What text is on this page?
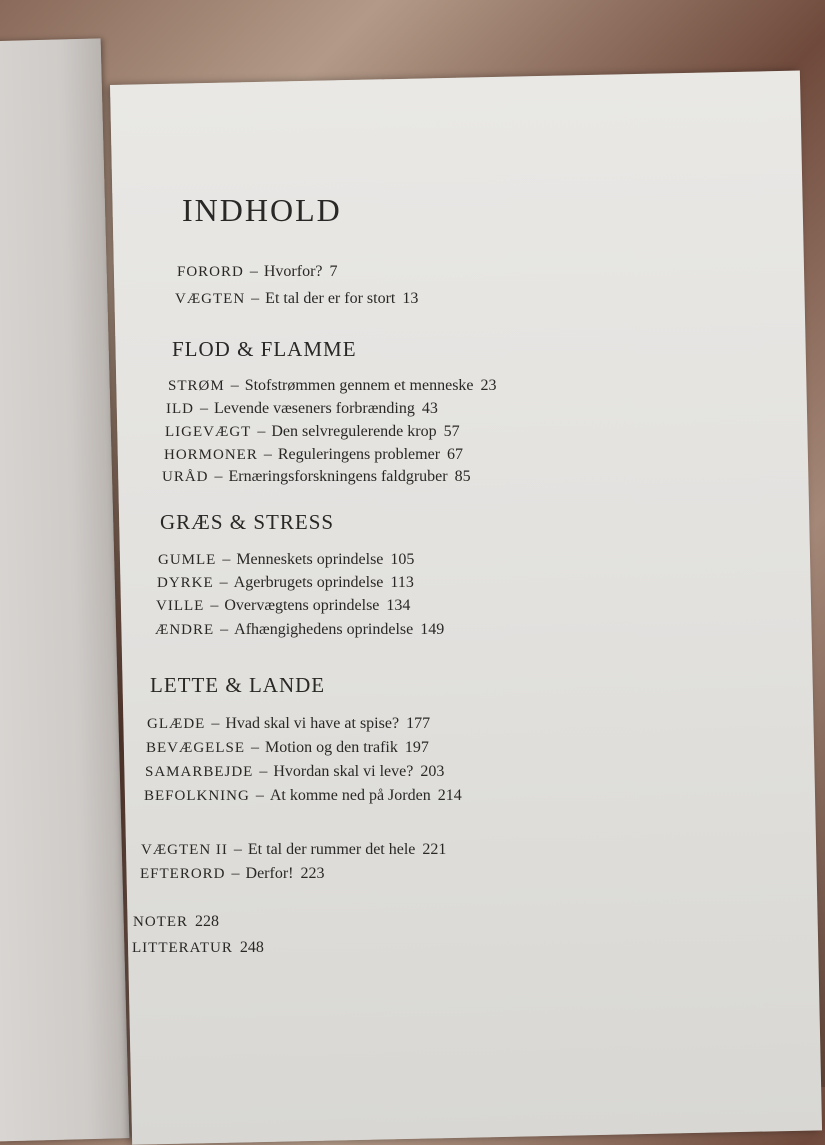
INDHOLD
FORORD – Hvorfor? 7
VÆGTEN – Et tal der er for stort 13
FLOD & FLAMME
STRØM – Stofstrømmen gennem et menneske 23
ILD – Levende væseners forbrænding 43
LIGEVÆGT – Den selvregulerende krop 57
HORMONER – Reguleringens problemer 67
URÅD – Ernæringsforskningens faldgruber 85
GRÆS & STRESS
GUMLE – Menneskets oprindelse 105
DYRKE – Agerbrugets oprindelse 113
VILLE – Overvægtens oprindelse 134
ÆNDRE – Afhængighedens oprindelse 149
LETTE & LANDE
GLÆDE – Hvad skal vi have at spise? 177
BEVÆGELSE – Motion og den trafik 197
SAMARBEJDE – Hvordan skal vi leve? 203
BEFOLKNING – At komme ned på Jorden 214
VÆGTEN II – Et tal der rummer det hele 221
EFTERORD – Derfor! 223
NOTER 228
LITTERATUR 248
